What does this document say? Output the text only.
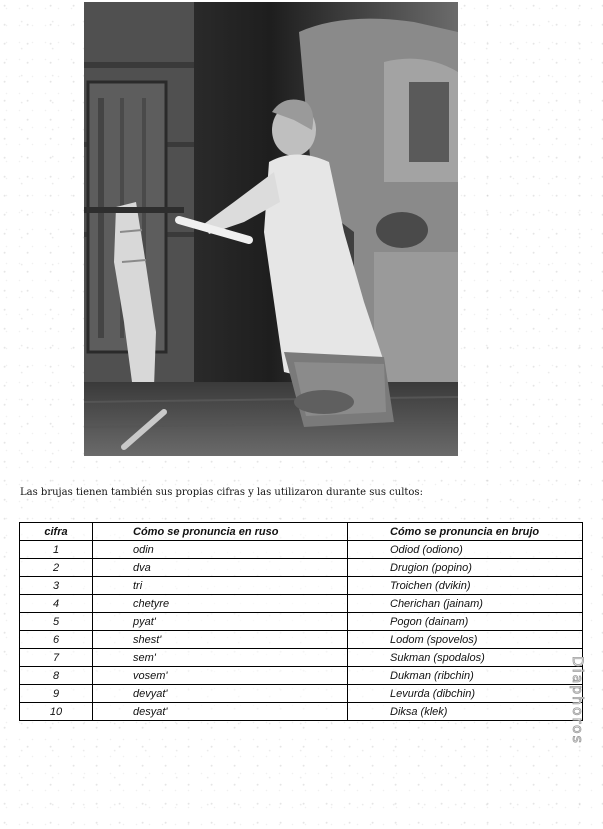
Las brujas tienen también sus propias cifras y las utilizaron durante sus cultos:
cifra	Cómo se pronuncia en ruso	Cómo se pronuncia en brujo
1	odin	Odiod (odiono)
2	dva	Drugion (popino)
3	tri	Troichen (dvikin)
4	chetyre	Cherichan (jainam)
5	pyat'	Pogon (dainam)
6	shest'	Lodom (spovelos)
7	sem'	Sukman (spodalos)
8	vosem'	Dukman (ribchin)
9	devyat'	Levurda (dibchin)
10	desyat'	Diksa (klek)	Diaphoros
